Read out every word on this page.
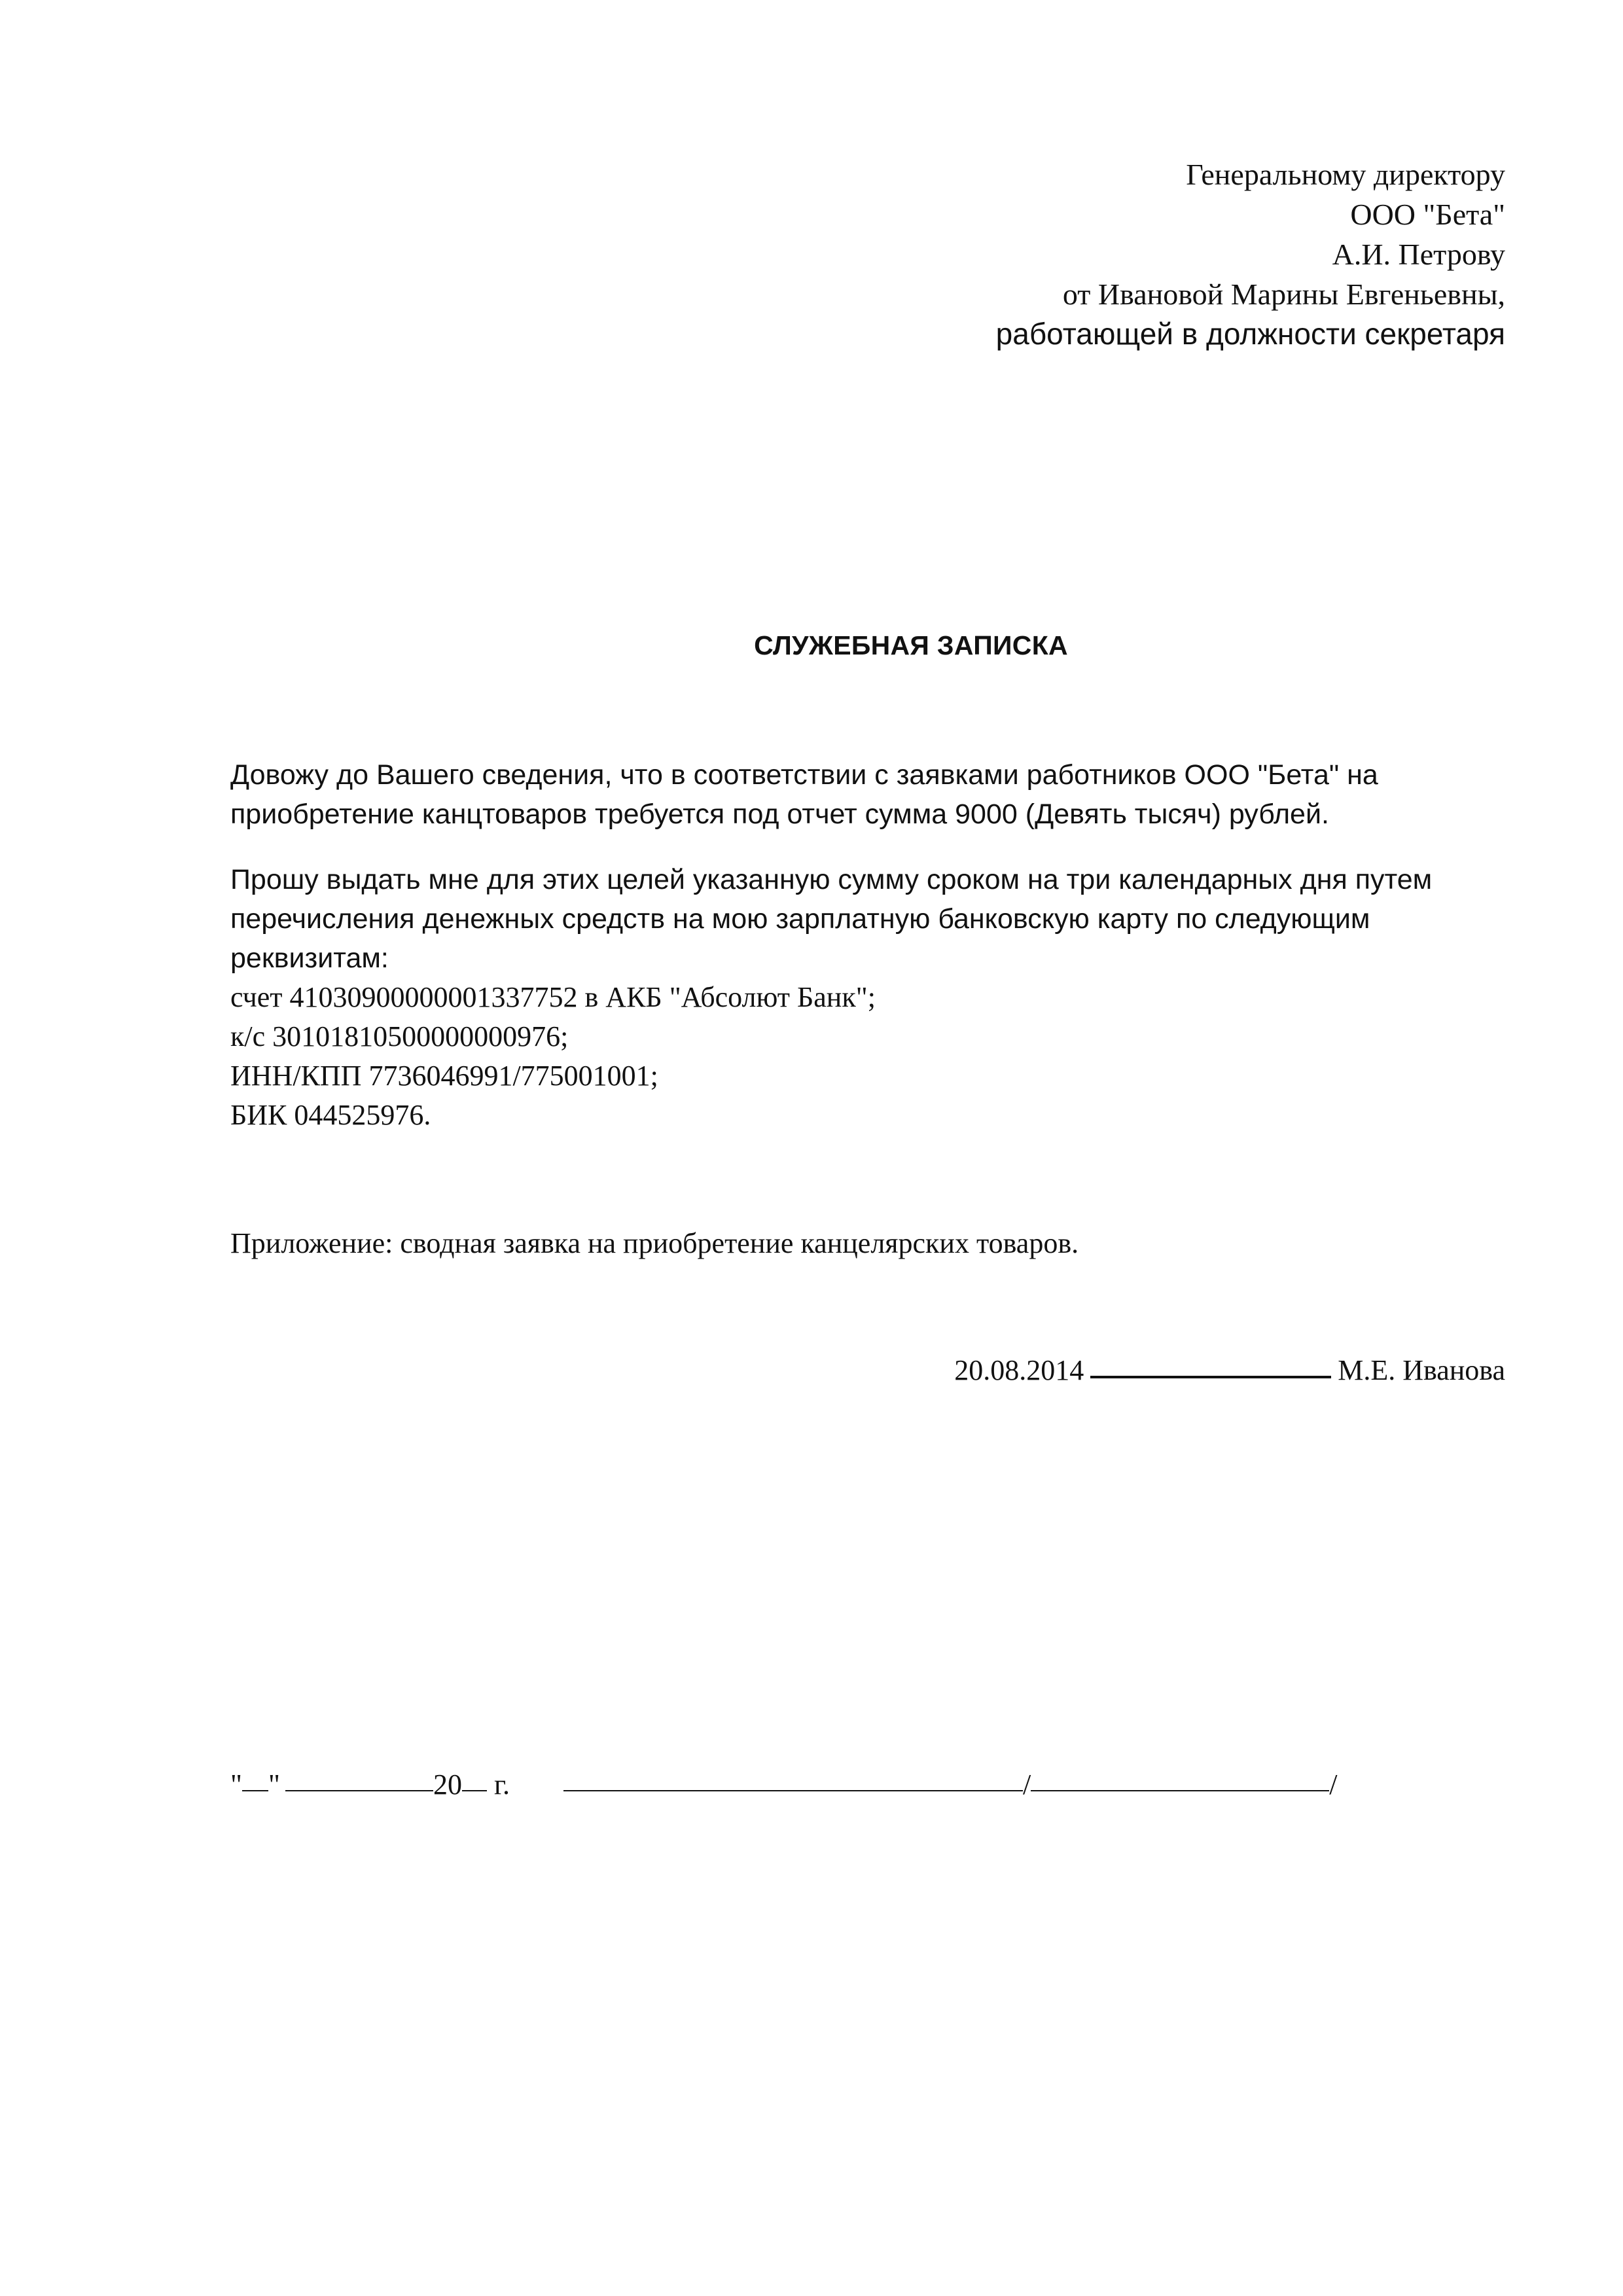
Генеральному директору
ООО "Бета"
А.И. Петрову
от Ивановой Марины Евгеньевны,
работающей в должности секретаря
СЛУЖЕБНАЯ ЗАПИСКА
Довожу до Вашего сведения, что в соответствии с заявками работников ООО "Бета" на
приобретение канцтоваров требуется под отчет сумма 9000 (Девять тысяч) рублей.
Прошу выдать мне для этих целей указанную сумму сроком на три календарных дня путем
перечисления денежных средств на мою зарплатную банковскую карту по следующим
реквизитам:
счет 41030900000001337752 в АКБ "Абсолют Банк";
к/с 30101810500000000976;
ИНН/КПП 7736046991/775001001;
БИК 044525976.
Приложение: сводная заявка на приобретение канцелярских товаров.
20.08.2014	М.Е. Иванова
" "	20 г.	/	/
